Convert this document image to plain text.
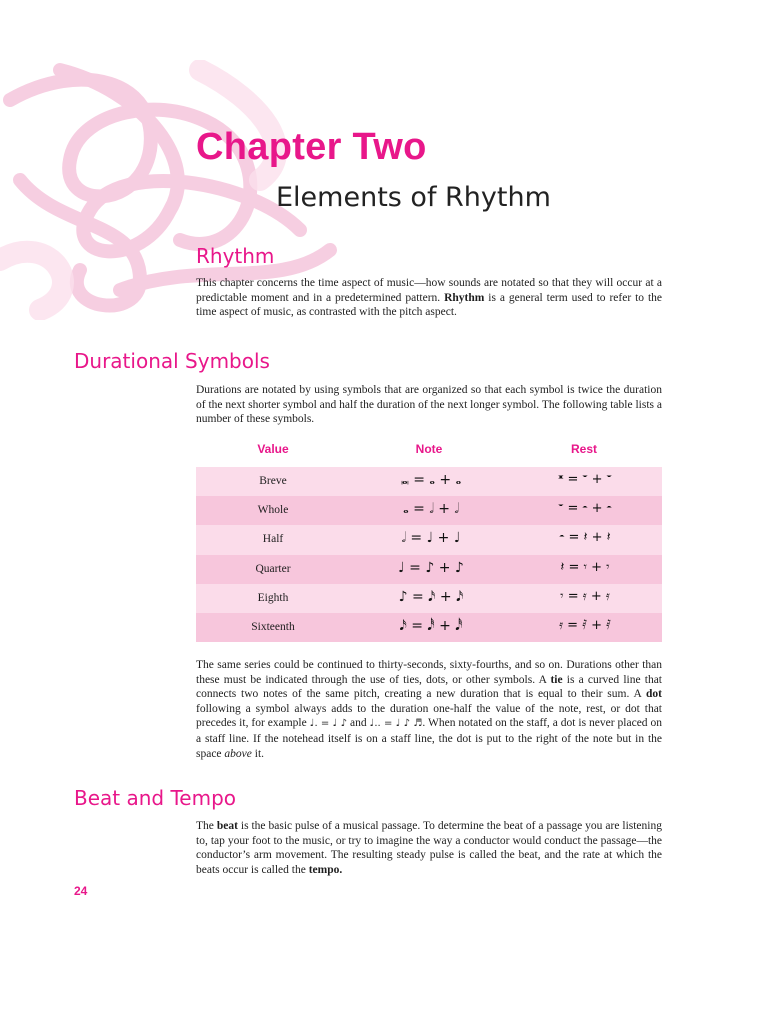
Chapter Two
Elements of Rhythm
Rhythm

This chapter concerns the time aspect of music—how sounds are notated so that they will occur at a predictable moment and in a predetermined pattern. Rhythm is a general term used to refer to the time aspect of music, as contrasted with the pitch aspect.

Durational Symbols

Durations are notated by using symbols that are organized so that each symbol is twice the duration of the next shorter symbol and half the duration of the next longer symbol. The following table lists a number of these symbols.

Value	Note	Rest
Breve	𝅜 = 𝅝 + 𝅝	𝄺 = 𝄻 + 𝄻
Whole	𝅝 = 𝅗𝅥 + 𝅗𝅥	𝄻 = 𝄼 + 𝄼
Half	𝅗𝅥 = ♩ + ♩	𝄼 = 𝄽 + 𝄽
Quarter	♩ = ♪ + ♪	𝄽 = 𝄾 + 𝄾
Eighth	♪ = 𝅘𝅥𝅯 + 𝅘𝅥𝅯	𝄾 = 𝄿 + 𝄿
Sixteenth	𝅘𝅥𝅯 = 𝅘𝅥𝅰 + 𝅘𝅥𝅰	𝄿 = 𝅀 + 𝅀

The same series could be continued to thirty-seconds, sixty-fourths, and so on. Durations other than these must be indicated through the use of ties, dots, or other symbols. A tie is a curved line that connects two notes of the same pitch, creating a new duration that is equal to their sum. A dot following a symbol always adds to the duration one-half the value of the note, rest, or dot that precedes it, for example ♩. = ♩ ♪ and ♩.. = ♩ ♪ ♬. When notated on the staff, a dot is never placed on a staff line. If the notehead itself is on a staff line, the dot is put to the right of the note but in the space above it.

Beat and Tempo

The beat is the basic pulse of a musical passage. To determine the beat of a passage you are listening to, tap your foot to the music, or try to imagine the way a conductor would conduct the passage—the conductor’s arm movement. The resulting steady pulse is called the beat, and the rate at which the beats occur is called the tempo.

24
